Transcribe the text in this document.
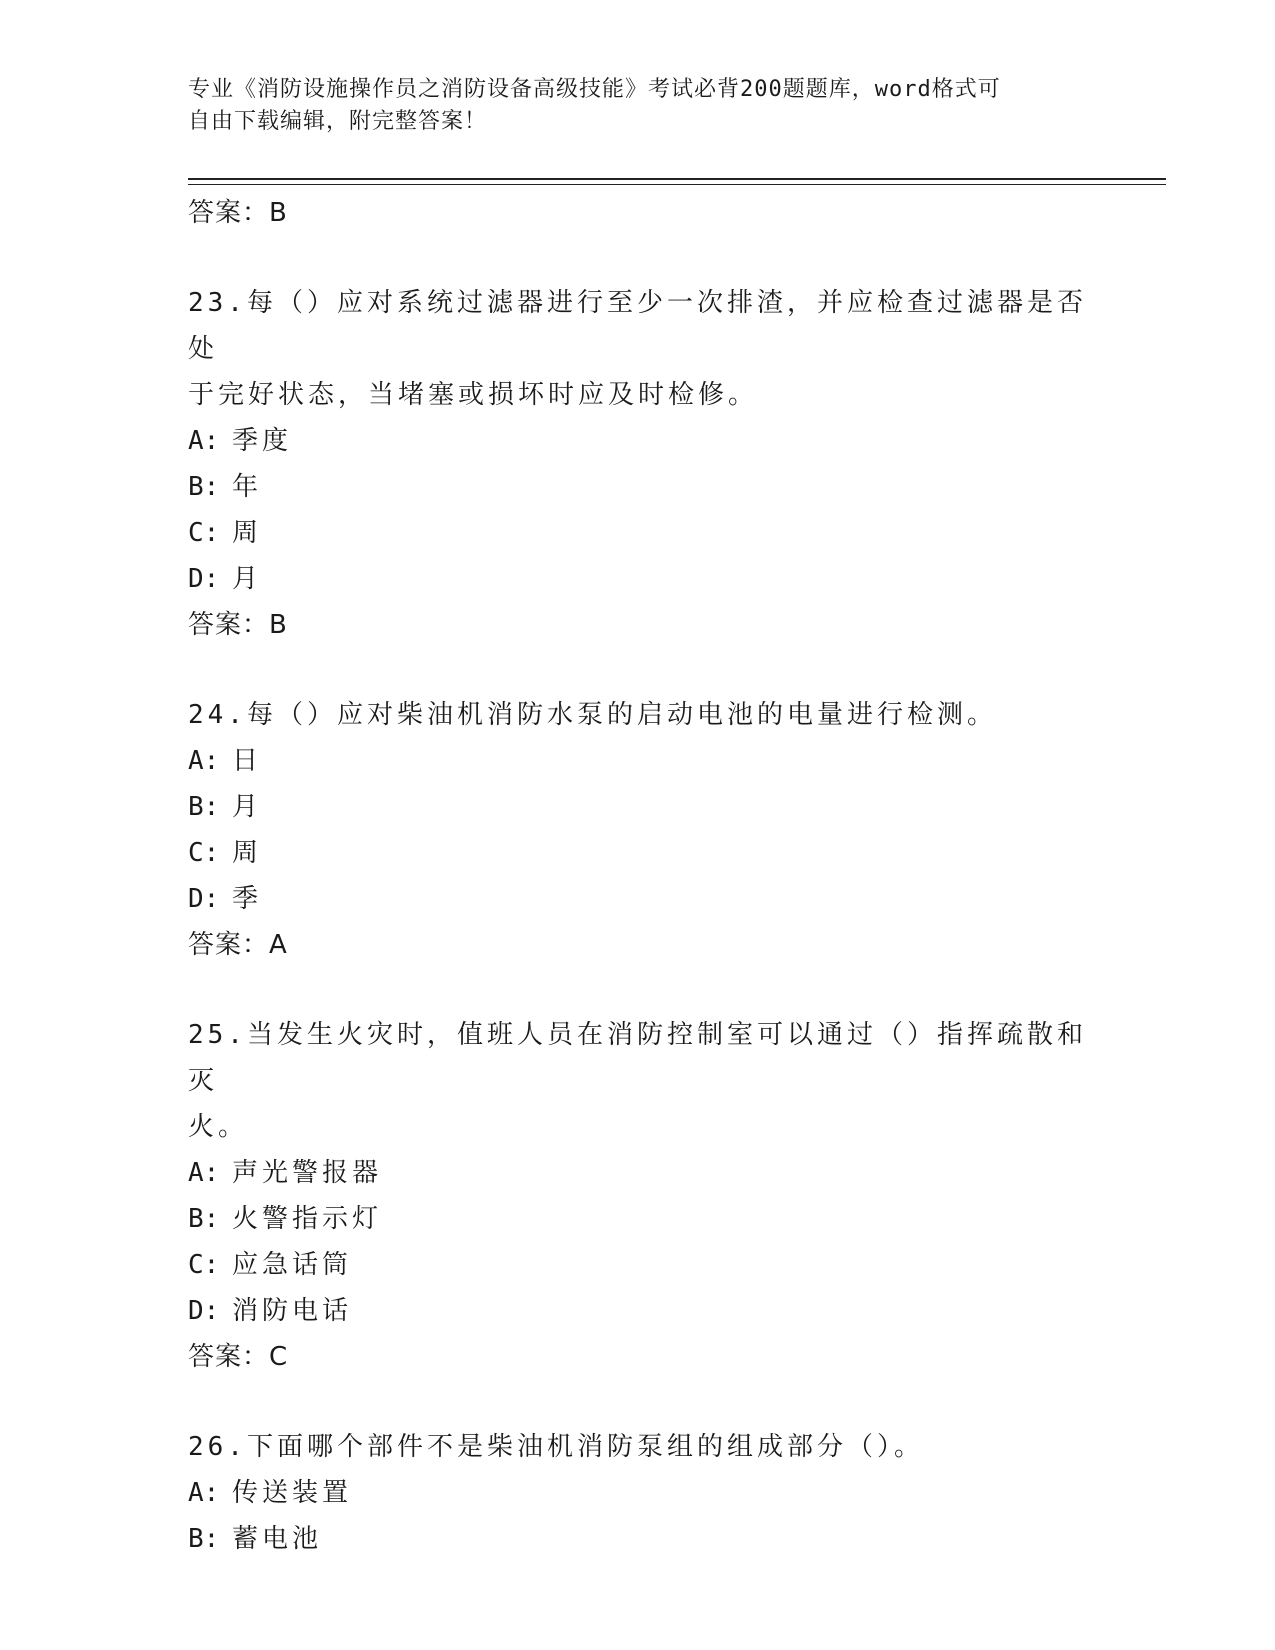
专业《消防设施操作员之消防设备高级技能》考试必背200题题库，word格式可
自由下载编辑，附完整答案！
答案：B
23.每（）应对系统过滤器进行至少一次排渣，并应检查过滤器是否处
于完好状态，当堵塞或损坏时应及时检修。
A: 季度
B: 年
C: 周
D: 月
答案：B
24.每（）应对柴油机消防水泵的启动电池的电量进行检测。
A: 日
B: 月
C: 周
D: 季
答案：A
25.当发生火灾时，值班人员在消防控制室可以通过（）指挥疏散和灭
火。
A: 声光警报器
B: 火警指示灯
C: 应急话筒
D: 消防电话
答案：C
26.下面哪个部件不是柴油机消防泵组的组成部分（）。
A: 传送装置
B: 蓄电池
